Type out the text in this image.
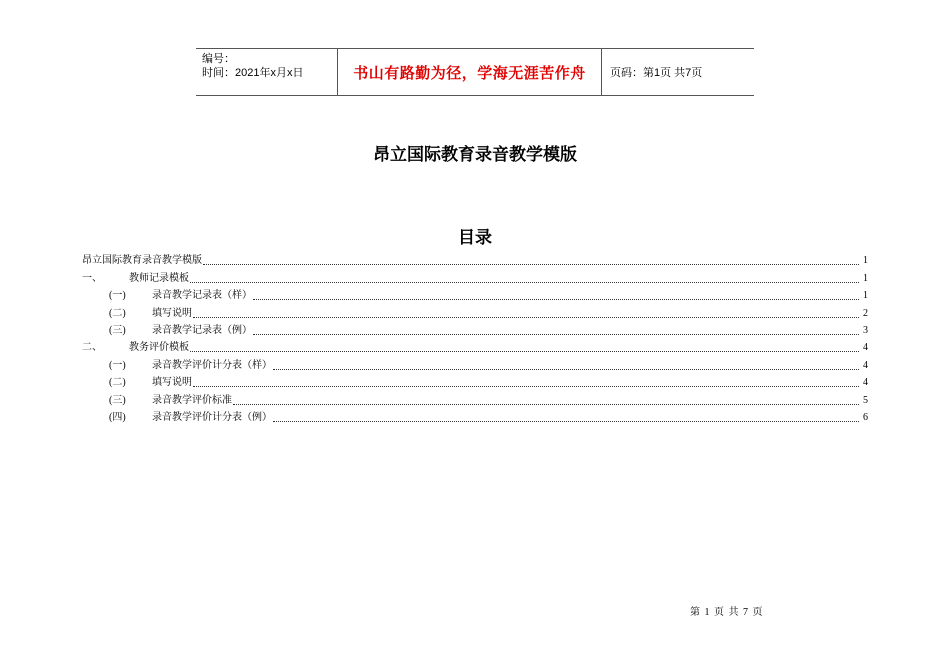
编号：
时间：2021年x月x日	书山有路勤为径，学海无涯苦作舟	页码：第1页 共7页
昂立国际教育录音教学模版
目录
昂立国际教育录音教学模版	1
一、	教师记录模板	1
(一)	录音教学记录表（样）	1
(二)	填写说明	2
(三)	录音教学记录表（例）	3
二、	教务评价模板	4
(一)	录音教学评价计分表（样）	4
(二)	填写说明	4
(三)	录音教学评价标准	5
(四)	录音教学评价计分表（例）	6
第 1 页 共 7 页
